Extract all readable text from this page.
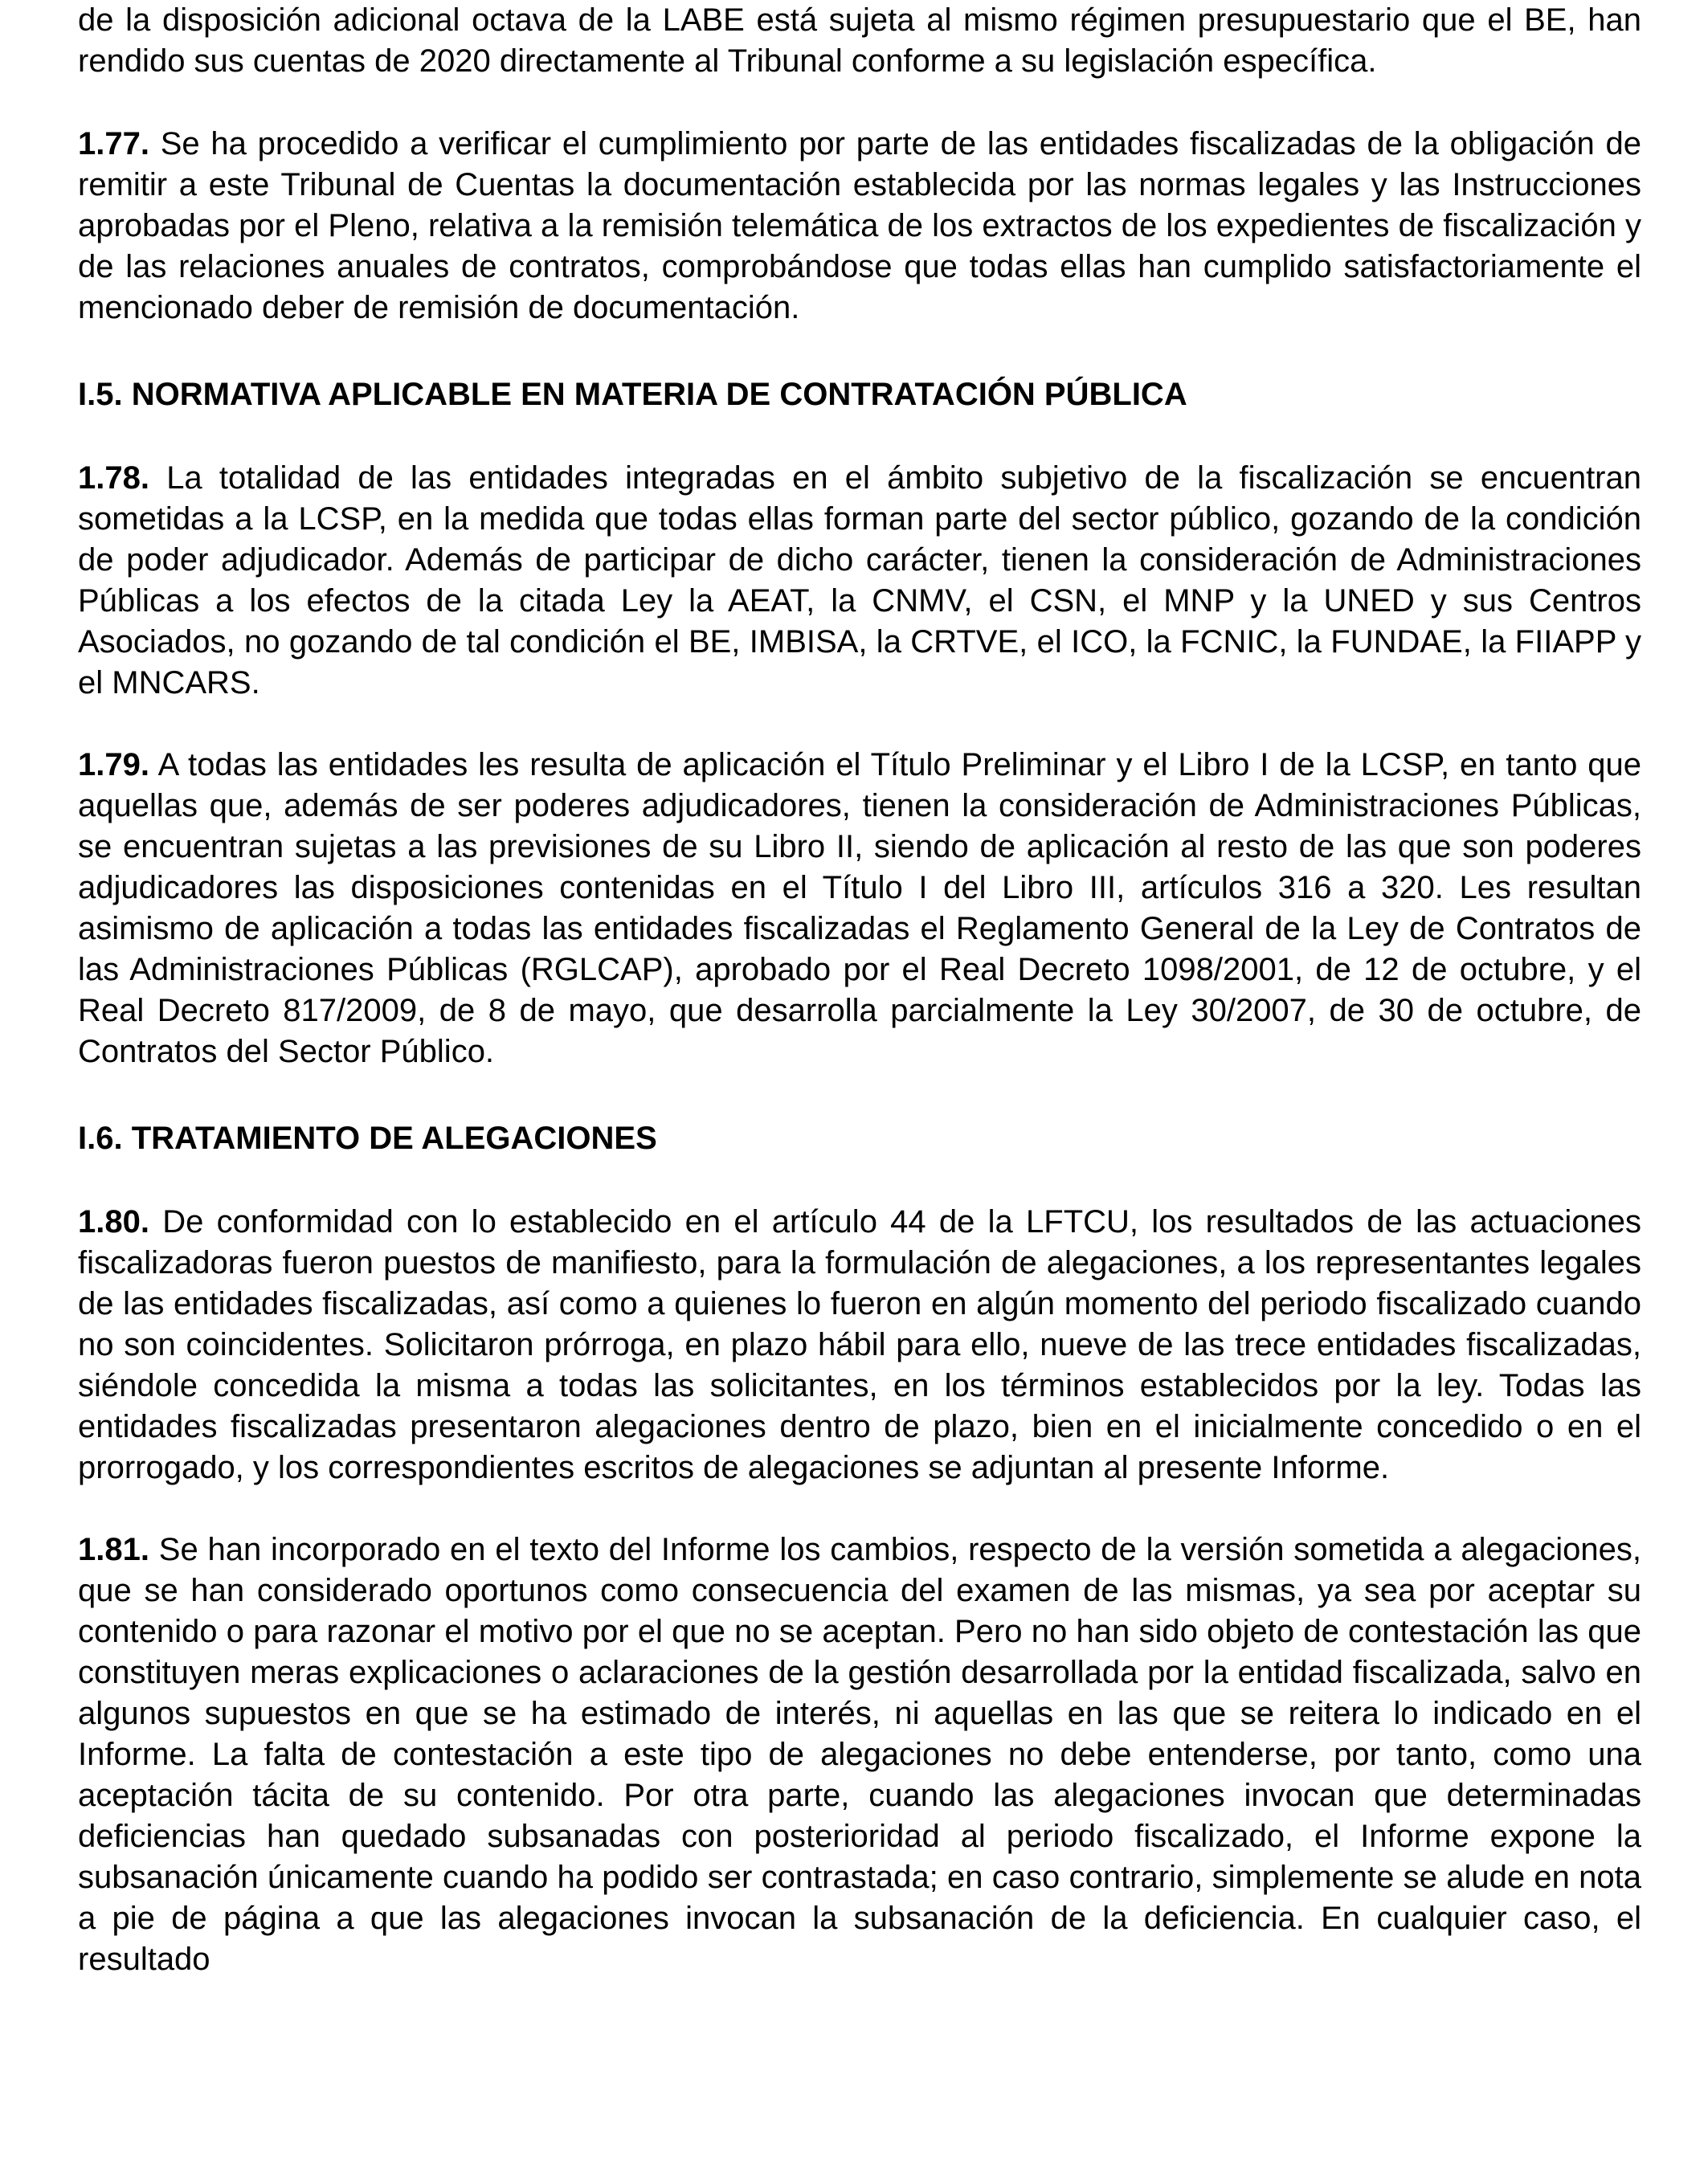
de la disposición adicional octava de la LABE está sujeta al mismo régimen presupuestario que el BE, han rendido sus cuentas de 2020 directamente al Tribunal conforme a su legislación específica.

1.77. Se ha procedido a verificar el cumplimiento por parte de las entidades fiscalizadas de la obligación de remitir a este Tribunal de Cuentas la documentación establecida por las normas legales y las Instrucciones aprobadas por el Pleno, relativa a la remisión telemática de los extractos de los expedientes de fiscalización y de las relaciones anuales de contratos, comprobándose que todas ellas han cumplido satisfactoriamente el mencionado deber de remisión de documentación.

I.5. NORMATIVA APLICABLE EN MATERIA DE CONTRATACIÓN PÚBLICA

1.78. La totalidad de las entidades integradas en el ámbito subjetivo de la fiscalización se encuentran sometidas a la LCSP, en la medida que todas ellas forman parte del sector público, gozando de la condición de poder adjudicador. Además de participar de dicho carácter, tienen la consideración de Administraciones Públicas a los efectos de la citada Ley la AEAT, la CNMV, el CSN, el MNP y la UNED y sus Centros Asociados, no gozando de tal condición el BE, IMBISA, la CRTVE, el ICO, la FCNIC, la FUNDAE, la FIIAPP y el MNCARS.

1.79. A todas las entidades les resulta de aplicación el Título Preliminar y el Libro I de la LCSP, en tanto que aquellas que, además de ser poderes adjudicadores, tienen la consideración de Administraciones Públicas, se encuentran sujetas a las previsiones de su Libro II, siendo de aplicación al resto de las que son poderes adjudicadores las disposiciones contenidas en el Título I del Libro III, artículos 316 a 320. Les resultan asimismo de aplicación a todas las entidades fiscalizadas el Reglamento General de la Ley de Contratos de las Administraciones Públicas (RGLCAP), aprobado por el Real Decreto 1098/2001, de 12 de octubre, y el Real Decreto 817/2009, de 8 de mayo, que desarrolla parcialmente la Ley 30/2007, de 30 de octubre, de Contratos del Sector Público.

I.6. TRATAMIENTO DE ALEGACIONES

1.80. De conformidad con lo establecido en el artículo 44 de la LFTCU, los resultados de las actuaciones fiscalizadoras fueron puestos de manifiesto, para la formulación de alegaciones, a los representantes legales de las entidades fiscalizadas, así como a quienes lo fueron en algún momento del periodo fiscalizado cuando no son coincidentes. Solicitaron prórroga, en plazo hábil para ello, nueve de las trece entidades fiscalizadas, siéndole concedida la misma a todas las solicitantes, en los términos establecidos por la ley. Todas las entidades fiscalizadas presentaron alegaciones dentro de plazo, bien en el inicialmente concedido o en el prorrogado, y los correspondientes escritos de alegaciones se adjuntan al presente Informe.

1.81. Se han incorporado en el texto del Informe los cambios, respecto de la versión sometida a alegaciones, que se han considerado oportunos como consecuencia del examen de las mismas, ya sea por aceptar su contenido o para razonar el motivo por el que no se aceptan. Pero no han sido objeto de contestación las que constituyen meras explicaciones o aclaraciones de la gestión desarrollada por la entidad fiscalizada, salvo en algunos supuestos en que se ha estimado de interés, ni aquellas en las que se reitera lo indicado en el Informe. La falta de contestación a este tipo de alegaciones no debe entenderse, por tanto, como una aceptación tácita de su contenido. Por otra parte, cuando las alegaciones invocan que determinadas deficiencias han quedado subsanadas con posterioridad al periodo fiscalizado, el Informe expone la subsanación únicamente cuando ha podido ser contrastada; en caso contrario, simplemente se alude en nota a pie de página a que las alegaciones invocan la subsanación de la deficiencia. En cualquier caso, el resultado
